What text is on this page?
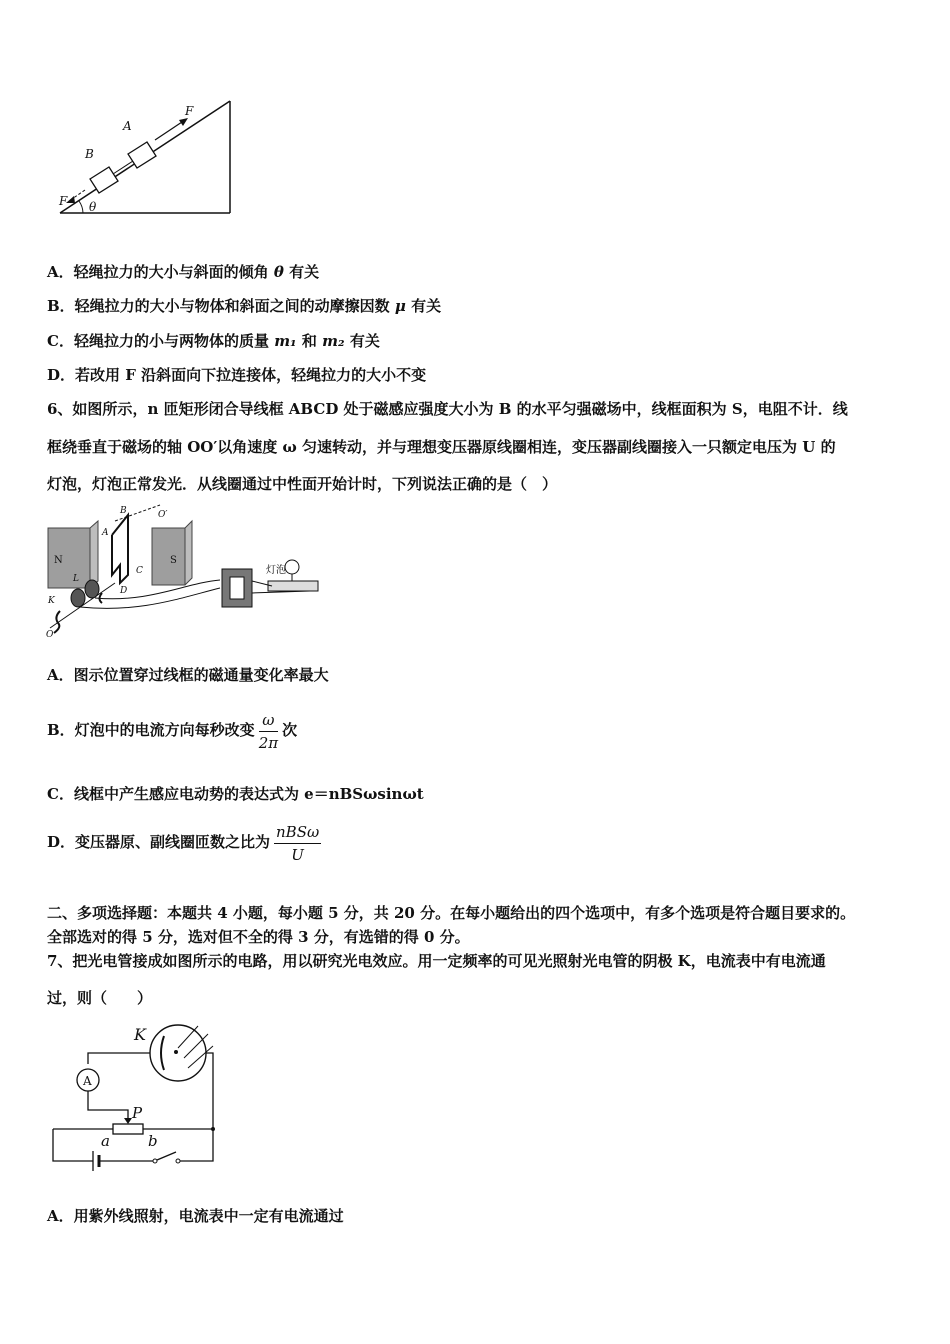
B
A
F
F θ
A．轻绳拉力的大小与斜面的倾角 θ 有关
B．轻绳拉力的大小与物体和斜面之间的动摩擦因数 μ 有关
C．轻绳拉力的小与两物体的质量 m₁ 和 m₂ 有关
D．若改用 F 沿斜面向下拉连接体，轻绳拉力的大小不变
6、如图所示，n 匝矩形闭合导线框 ABCD 处于磁感应强度大小为 B 的水平匀强磁场中，线框面积为 S，电阻不计．线
框绕垂直于磁场的轴 OO′以角速度 ω 匀速转动，并与理想变压器原线圈相连，变压器副线圈接入一只额定电压为 U 的
灯泡，灯泡正常发光．从线圈通过中性面开始计时，下列说法正确的是（　）
N	S
A
B
C
D
L
K
O
O′
灯泡
A．图示位置穿过线框的磁通量变化率最大
B．灯泡中的电流方向每秒改变 $\frac{\omega}{2\pi}$ 次
C．线框中产生感应电动势的表达式为 e＝nBSωsinωt
D．变压器原、副线圈匝数之比为 $\frac{\text{nBSω}}{U}$
二、多项选择题：本题共 4 小题，每小题 5 分，共 20 分。在每小题给出的四个选项中，有多个选项是符合题目要求的。
全部选对的得 5 分，选对但不全的得 3 分，有选错的得 0 分。
7、把光电管接成如图所示的电路，用以研究光电效应。用一定频率的可见光照射光电管的阴极 K，电流表中有电流通
过，则（　　）
K
A
P
a	b
A．用紫外线照射，电流表中一定有电流通过
